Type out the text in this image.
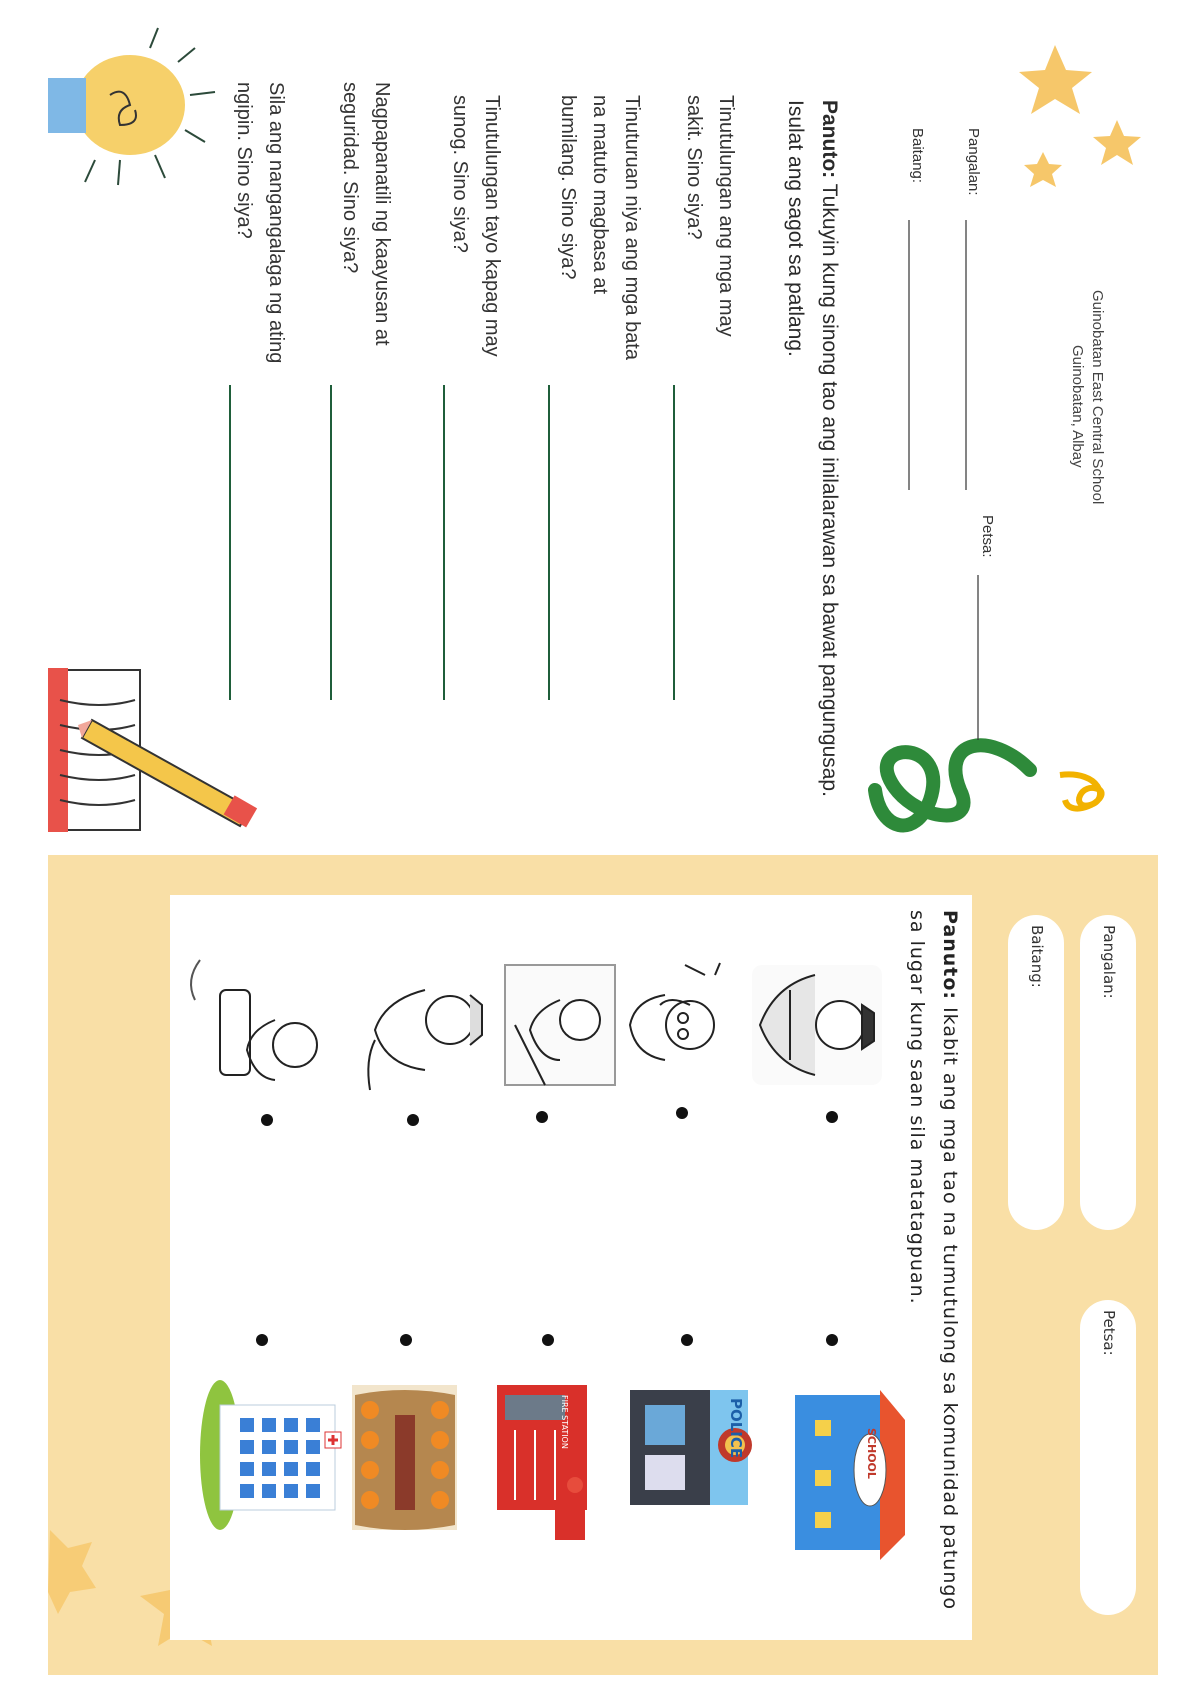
Guinobatan East Central School
Guinobatan, Albay
Pangalan:
Petsa:
Baitang:
Panuto: Tukuyin kung sinong tao ang inilalarawan sa bawat pangungusap. Isulat ang sagot sa patlang.
Tinutulungan ang mga may sakit. Sino siya?
Tinuturuan niya ang mga bata na matuto magbasa at bumilang. Sino siya?
Tinutulungan tayo kapag may sunog. Sino siya?
Nagpapanatili ng kaayusan at seguridad. Sino siya?
Sila ang nangangalaga ng ating ngipin. Sino siya?
Pangalan:
Petsa:
Baitang:
Panuto: Ikabit ang mga tao na tumutulong sa komunidad patungo sa lugar kung saan sila matatagpuan.
SCHOOL
POLICE
FIRE STATION
